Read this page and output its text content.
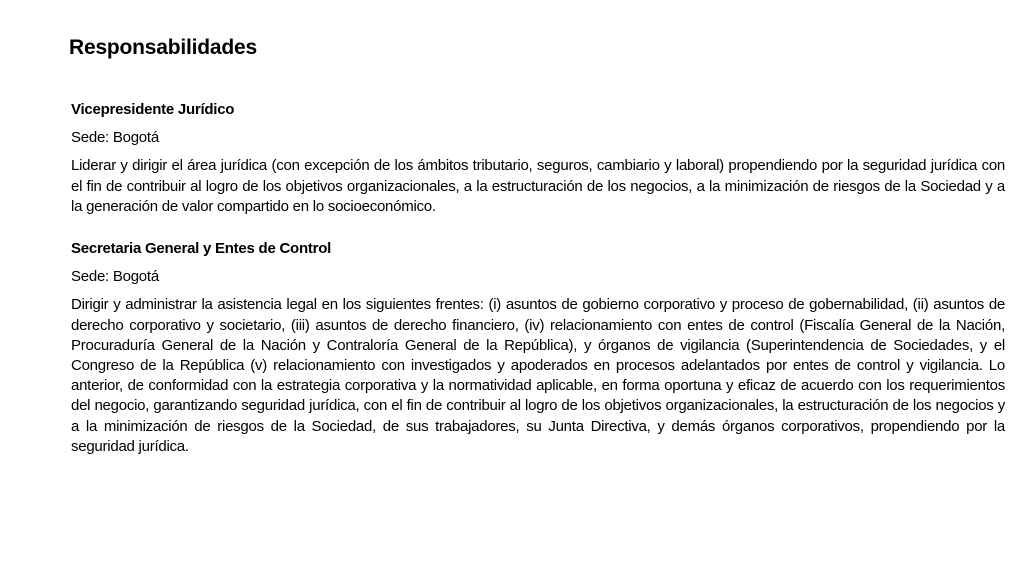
Responsabilidades

Vicepresidente Jurídico

Sede: Bogotá

Liderar y dirigir el área jurídica (con excepción de los ámbitos tributario, seguros, cambiario y laboral) propendiendo por la seguridad jurídica con el fin de contribuir al logro de los objetivos organizacionales, a la estructuración de los negocios, a la minimización de riesgos de la Sociedad y a la generación de valor compartido en lo socioeconómico.

Secretaria General y Entes de Control

Sede: Bogotá

Dirigir y administrar la asistencia legal en los siguientes frentes: (i) asuntos de gobierno corporativo y proceso de gobernabilidad, (ii) asuntos de derecho corporativo y societario, (iii) asuntos de derecho financiero, (iv) relacionamiento con entes de control (Fiscalía General de la Nación, Procuraduría General de la Nación y Contraloría General de la República), y órganos de vigilancia (Superintendencia de Sociedades, y el Congreso de la República (v) relacionamiento con investigados y apoderados en procesos adelantados por entes de control y vigilancia. Lo anterior, de conformidad con la estrategia corporativa y la normatividad aplicable, en forma oportuna y eficaz de acuerdo con los requerimientos del negocio, garantizando seguridad jurídica, con el fin de contribuir al logro de los objetivos organizacionales, la estructuración de los negocios y a la minimización de riesgos de la Sociedad, de sus trabajadores, su Junta Directiva, y demás órganos corporativos, propendiendo por la seguridad jurídica.
